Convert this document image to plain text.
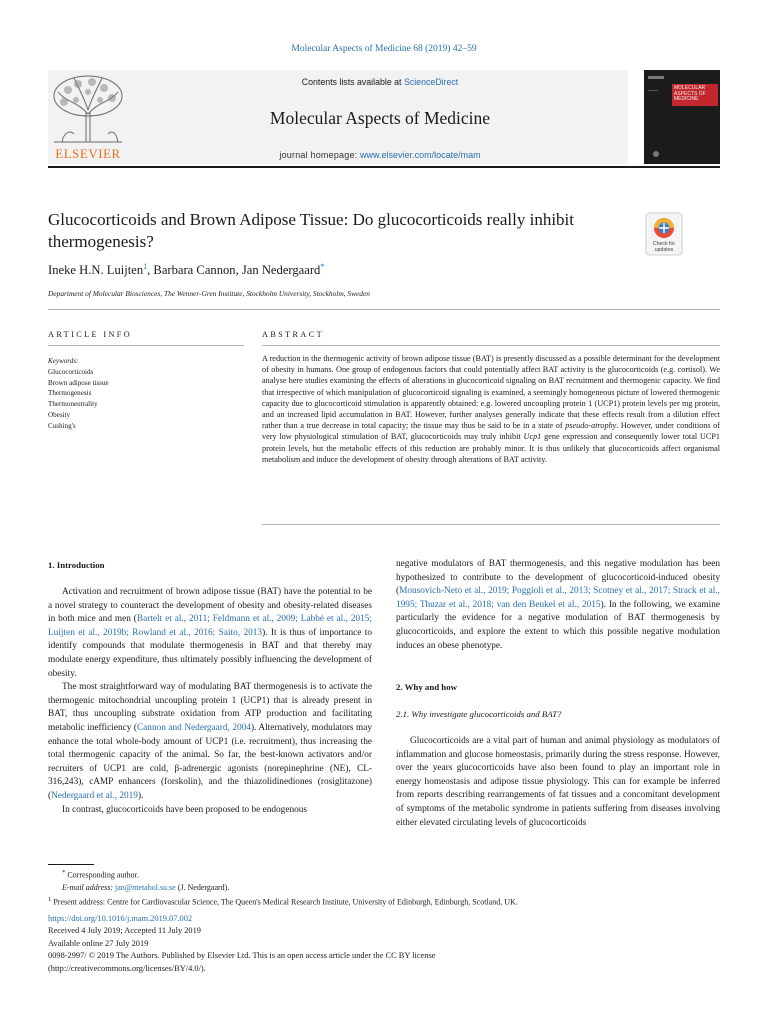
Molecular Aspects of Medicine 68 (2019) 42–59
ELSEVIER
Contents lists available at ScienceDirect
Molecular Aspects of Medicine
journal homepage: www.elsevier.com/locate/mam
MOLECULAR ASPECTS OF MEDICINE
Glucocorticoids and Brown Adipose Tissue: Do glucocorticoids really inhibit thermogenesis?	Check for updates
Ineke H.N. Luijten$^1$, Barbara Cannon, Jan Nedergaard*
Department of Molecular Biosciences, The Wenner-Gren Institute, Stockholm University, Stockholm, Sweden
ARTICLE INFO	ABSTRACT
Keywords:
Glucocorticoids
Brown adipose tissue
Thermogenesis
Thermoneutrality
Obesity
Cushing's
A reduction in the thermogenic activity of brown adipose tissue (BAT) is presently discussed as a possible determinant for the development of obesity in humans. One group of endogenous factors that could potentially affect BAT activity is the glucocorticoids (e.g. cortisol). We analyse here studies examining the effects of alterations in glucocorticoid signaling on BAT recruitment and thermogenic capacity. We find that irrespective of which manipulation of glucocorticoid signaling is examined, a seemingly homogeneous picture of lowered thermogenic capacity due to glucocorticoid stimulation is apparently obtained: e.g. lowered uncoupling protein 1 (UCP1) protein levels per mg protein, and an increased lipid accumulation in BAT. However, further analyses generally indicate that these effects result from a dilution effect rather than a true decrease in total capacity; the tissue may thus be said to be in a state of pseudo-atrophy. However, under conditions of very low physiological stimulation of BAT, glucocorticoids may truly inhibit Ucp1 gene expression and consequently lower total UCP1 protein levels, but the metabolic effects of this reduction are probably minor. It is thus unlikely that glucocorticoids affect organismal metabolism and induce the development of obesity through alterations of BAT activity.
1. Introduction

Activation and recruitment of brown adipose tissue (BAT) have the potential to be a novel strategy to counteract the development of obesity and obesity-related diseases in both mice and men (Bartelt et al., 2011; Feldmann et al., 2009; Labbé et al., 2015; Luijten et al., 2019b; Rowland et al., 2016; Saito, 2013). It is thus of importance to identify compounds that modulate thermogenesis in BAT and that thereby may modulate energy expenditure, thus ultimately possibly influencing the development of obesity.

The most straightforward way of modulating BAT thermogenesis is to activate the thermogenic mitochondrial uncoupling protein 1 (UCP1) that is already present in BAT, thus uncoupling substrate oxidation from ATP production and facilitating metabolic inefficiency (Cannon and Nedergaard, 2004). Alternatively, modulators may enhance the total whole-body amount of UCP1 (i.e. recruitment), thus increasing the total thermogenic capacity of the animal. So far, the best-known activators and/or recruiters of UCP1 are cold, β-adrenergic agonists (norepinephrine (NE), CL-316,243), cAMP enhancers (forskolin), and the thiazolidinediones (rosiglitazone) (Nedergaard et al., 2019).

In contrast, glucocorticoids have been proposed to be endogenous

negative modulators of BAT thermogenesis, and this negative modulation has been hypothesized to contribute to the development of glucocorticoid-induced obesity (Mousovich-Neto et al., 2019; Poggioli et al., 2013; Scotney et al., 2017; Strack et al., 1995; Thuzar et al., 2018; van den Beukel et al., 2015). In the following, we examine particularly the evidence for a negative modulation of BAT thermogenesis by glucocorticoids, and explore the extent to which this possible negative modulation induces an obese phenotype.

2. Why and how
2.1. Why investigate glucocorticoids and BAT?

Glucocorticoids are a vital part of human and animal physiology as modulators of inflammation and glucose homeostasis, primarily during the stress response. However, over the years glucocorticoids have also been found to play an important role in energy homeostasis and adipose tissue physiology. This can for example be inferred from reports describing rearrangements of fat tissues and a concomitant development of symptoms of the metabolic syndrome in patients suffering from diseases involving either elevated circulating levels of glucocorticoids

* Corresponding author.

E-mail address: jan@metabol.su.se (J. Nedergaard).

$^1$ Present address: Centre for Cardiovascular Science, The Queen's Medical Research Institute, University of Edinburgh, Edinburgh, Scotland, UK.

https://doi.org/10.1016/j.mam.2019.07.002

Received 4 July 2019; Accepted 11 July 2019

Available online 27 July 2019

0098-2997/ © 2019 The Authors. Published by Elsevier Ltd. This is an open access article under the CC BY license

(http://creativecommons.org/licenses/BY/4.0/).
